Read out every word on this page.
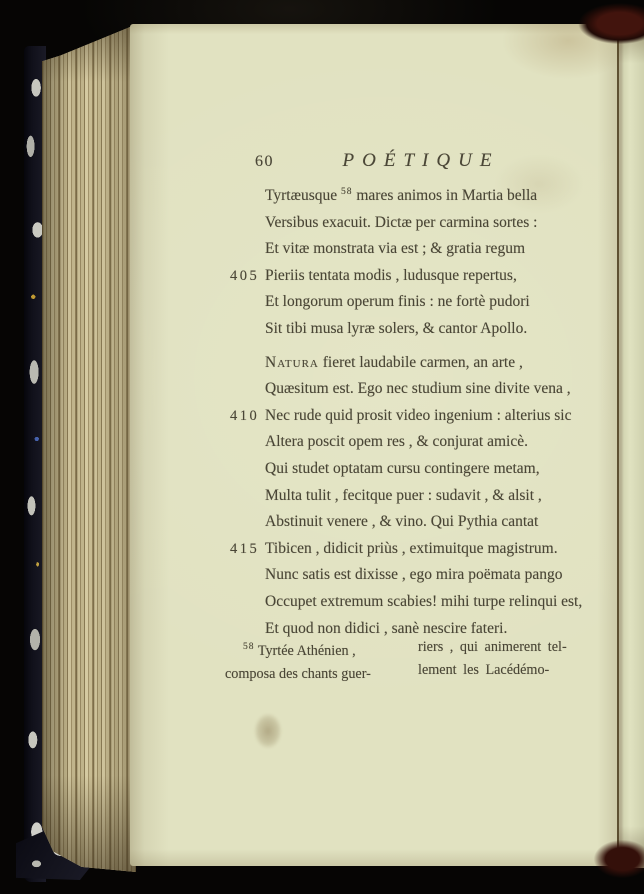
60	POÉTIQUE
Tyrtæusque $^{58}$ mares animos in Martia bella
Versibus exacuit. Dictæ per carmina sortes :
Et vitæ monstrata via est ; & gratia regum
405 Pieriis tentata modis , ludusque repertus,
Et longorum operum finis : ne fortè pudori
Sit tibi musa lyræ solers, & cantor Apollo.
Natura fieret laudabile carmen, an arte ,
Quæsitum est. Ego nec studium sine divite vena ,
410 Nec rude quid prosit video ingenium : alterius sic
Altera poscit opem res , & conjurat amicè.
Qui studet optatam cursu contingere metam,
Multa tulit , fecitque puer : sudavit , & alsit ,
Abstinuit venere , & vino. Qui Pythia cantat
415 Tibicen , didicit priùs , extimuitque magistrum.
Nunc satis est dixisse , ego mira poëmata pango
Occupet extremum scabies! mihi turpe relinqui est,
Et quod non didici , sanè nescire fateri.
$^{58}$ Tyrtée Athénien ,
composa des chants guer-
riers , qui animerent tel-
lement les Lacédémo-
